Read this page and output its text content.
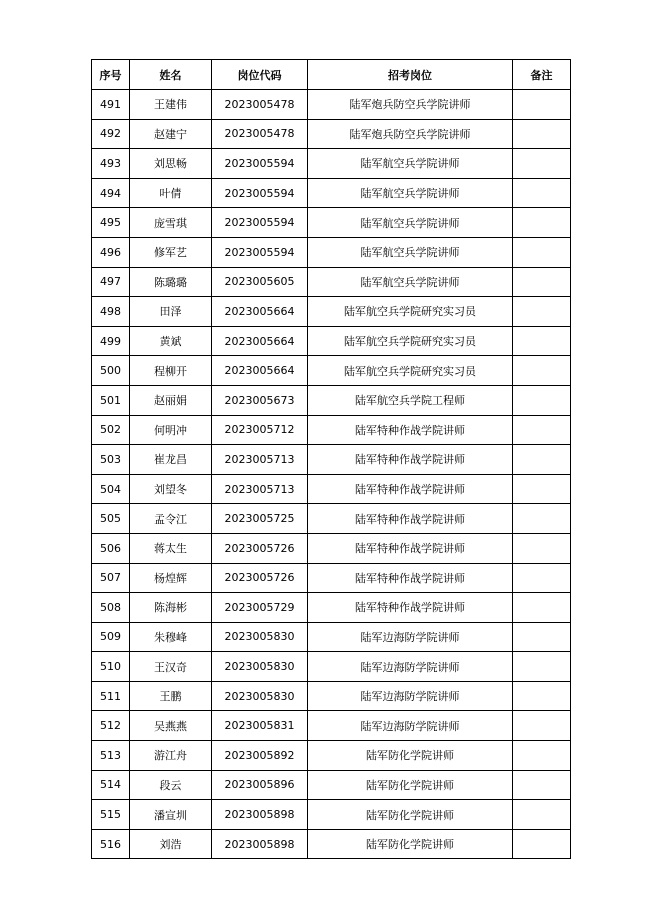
序号	姓名	岗位代码	招考岗位	备注
491	王建伟	2023005478	陆军炮兵防空兵学院讲师	
492	赵建宁	2023005478	陆军炮兵防空兵学院讲师	
493	刘思畅	2023005594	陆军航空兵学院讲师	
494	叶倩	2023005594	陆军航空兵学院讲师	
495	庞雪琪	2023005594	陆军航空兵学院讲师	
496	修军艺	2023005594	陆军航空兵学院讲师	
497	陈璐璐	2023005605	陆军航空兵学院讲师	
498	田泽	2023005664	陆军航空兵学院研究实习员	
499	黄斌	2023005664	陆军航空兵学院研究实习员	
500	程柳开	2023005664	陆军航空兵学院研究实习员	
501	赵丽娟	2023005673	陆军航空兵学院工程师	
502	何明冲	2023005712	陆军特种作战学院讲师	
503	崔龙昌	2023005713	陆军特种作战学院讲师	
504	刘望冬	2023005713	陆军特种作战学院讲师	
505	孟令江	2023005725	陆军特种作战学院讲师	
506	蒋太生	2023005726	陆军特种作战学院讲师	
507	杨煌辉	2023005726	陆军特种作战学院讲师	
508	陈海彬	2023005729	陆军特种作战学院讲师	
509	朱穆峰	2023005830	陆军边海防学院讲师	
510	王汉奇	2023005830	陆军边海防学院讲师	
511	王鹏	2023005830	陆军边海防学院讲师	
512	吴燕燕	2023005831	陆军边海防学院讲师	
513	游江舟	2023005892	陆军防化学院讲师	
514	段云	2023005896	陆军防化学院讲师	
515	潘宣圳	2023005898	陆军防化学院讲师	
516	刘浩	2023005898	陆军防化学院讲师	
